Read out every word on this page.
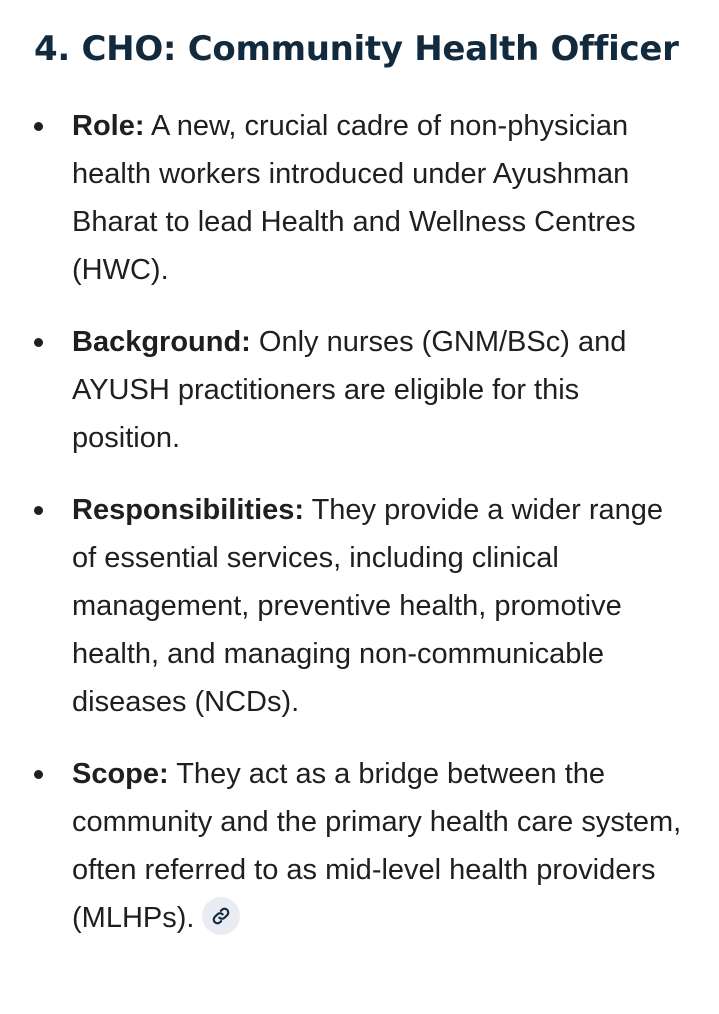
4. CHO: Community Health Officer
Role: A new, crucial cadre of non-physician health workers introduced under Ayushman Bharat to lead Health and Wellness Centres (HWC).
Background: Only nurses (GNM/BSc) and AYUSH practitioners are eligible for this position.
Responsibilities: They provide a wider range of essential services, including clinical management, preventive health, promotive health, and managing non-communicable diseases (NCDs).
Scope: They act as a bridge between the community and the primary health care system, often referred to as mid-level health providers (MLHPs).
